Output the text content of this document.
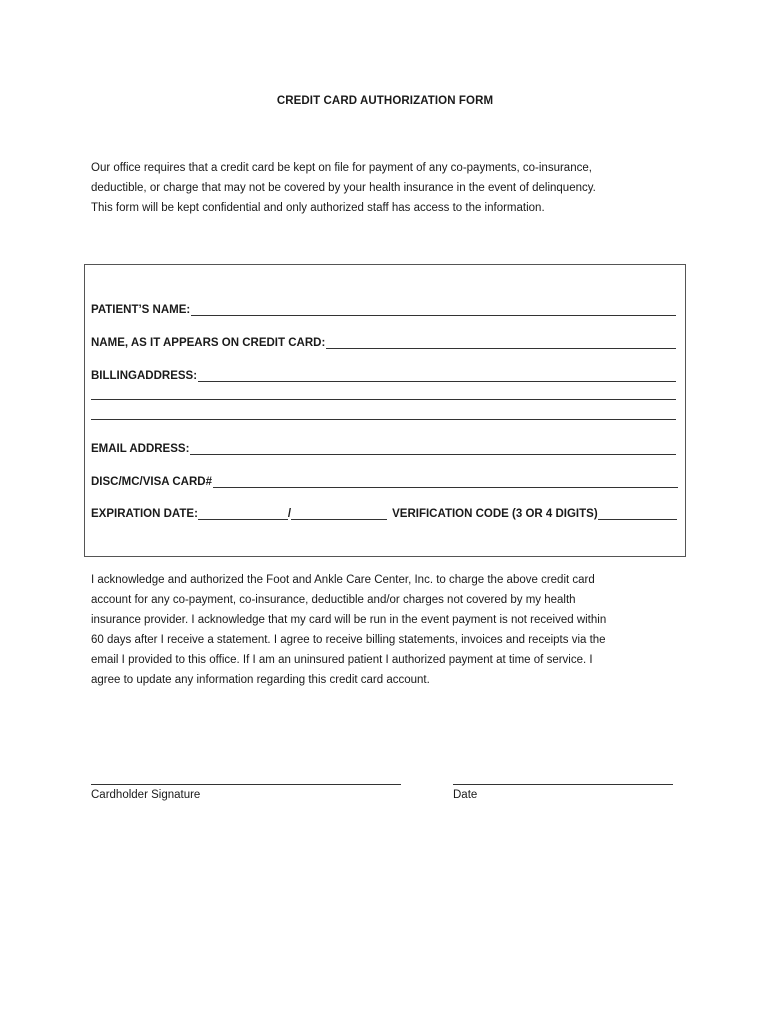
CREDIT CARD AUTHORIZATION FORM

Our office requires that a credit card be kept on file for payment of any co-payments, co-insurance,

deductible, or charge that may not be covered by your health insurance in the event of delinquency.

This form will be kept confidential and only authorized staff has access to the information.

PATIENT’S NAME:
NAME, AS IT APPEARS ON CREDIT CARD:
BILLINGADDRESS:
EMAIL ADDRESS:
DISC/MC/VISA CARD#
EXPIRATION DATE:	/	VERIFICATION CODE (3 OR 4 DIGITS)

I acknowledge and authorized the Foot and Ankle Care Center, Inc. to charge the above credit card

account for any co-payment, co-insurance, deductible and/or charges not covered by my health

insurance provider. I acknowledge that my card will be run in the event payment is not received within

60 days after I receive a statement. I agree to receive billing statements, invoices and receipts via the

email I provided to this office. If I am an uninsured patient I authorized payment at time of service. I

agree to update any information regarding this credit card account.

Cardholder Signature	Date
